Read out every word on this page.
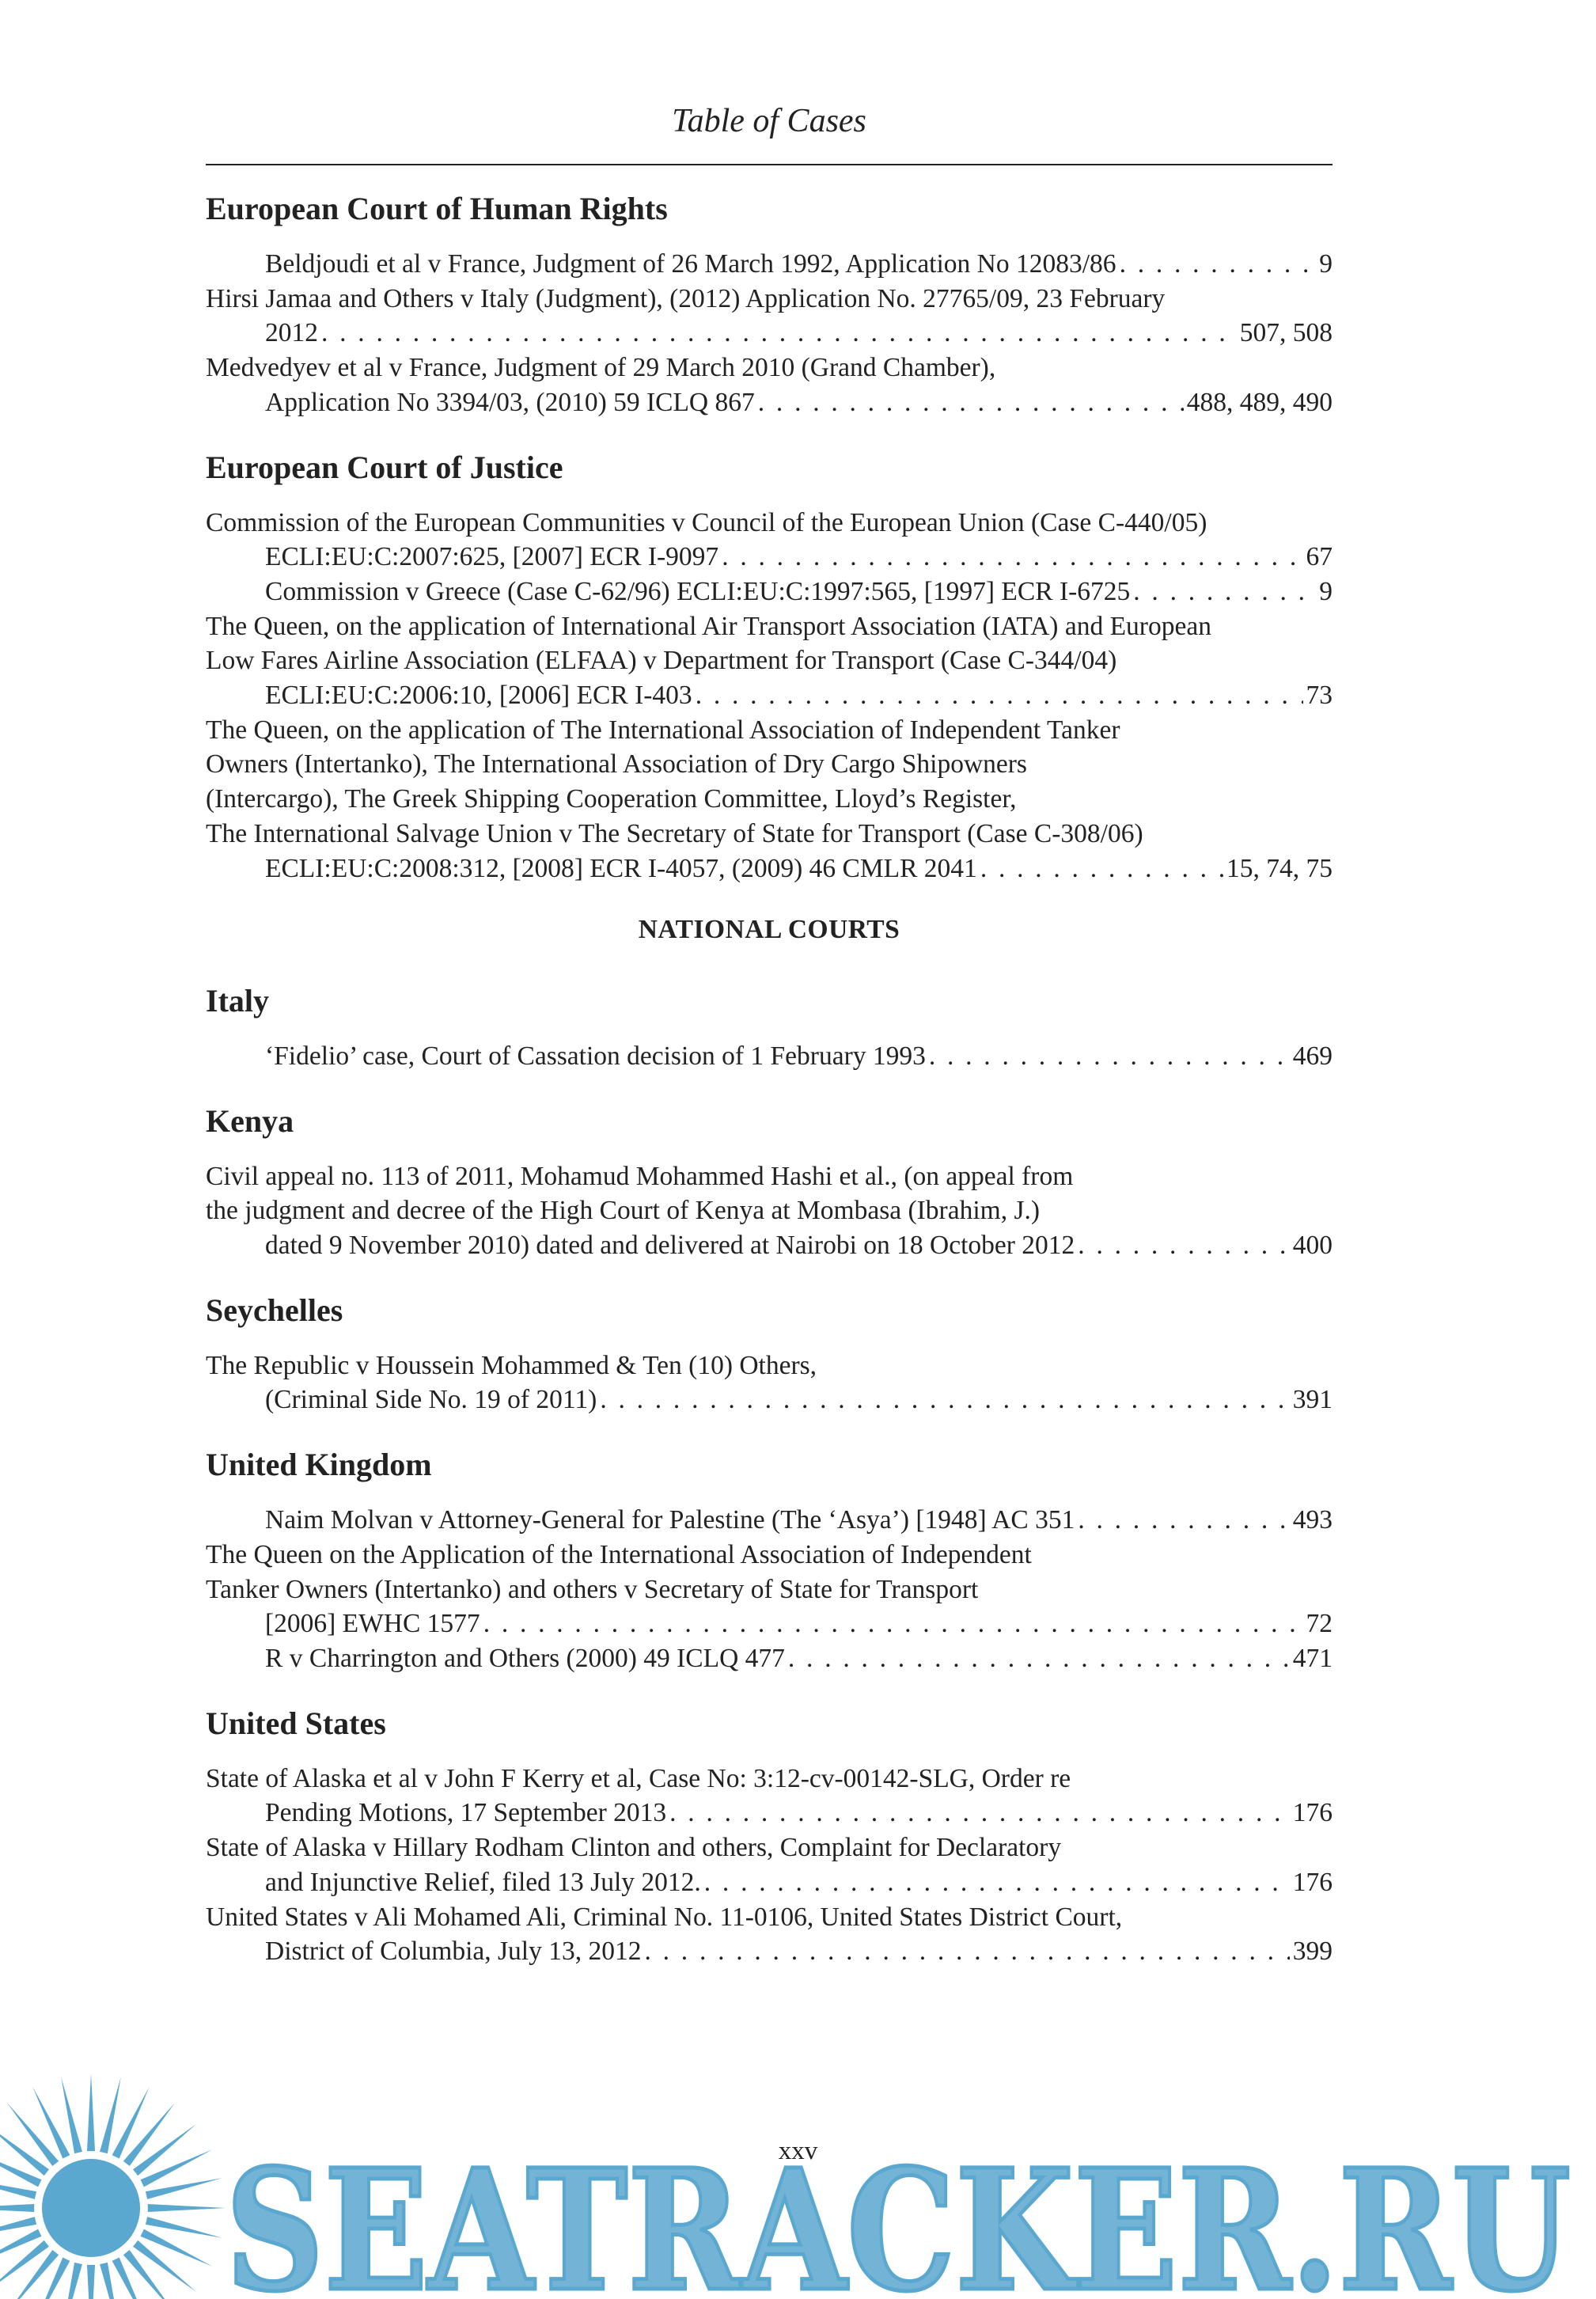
Table of Cases
European Court of Human Rights
Beldjoudi et al v France, Judgment of 26 March 1992, Application No 12083/86 . . .	9
Hirsi Jamaa and Others v Italy (Judgment), (2012) Application No. 27765/09, 23 February
2012 . . .	507, 508
Medvedyev et al v France, Judgment of 29 March 2010 (Grand Chamber),
Application No 3394/03, (2010) 59 ICLQ 867 . . .	488, 489, 490
European Court of Justice
Commission of the European Communities v Council of the European Union (Case C-440/05)
ECLI:EU:C:2007:625, [2007] ECR I-9097 . . .	67
Commission v Greece (Case C-62/96) ECLI:EU:C:1997:565, [1997] ECR I-6725 . . .	9
The Queen, on the application of International Air Transport Association (IATA) and European
Low Fares Airline Association (ELFAA) v Department for Transport (Case C-344/04)
ECLI:EU:C:2006:10, [2006] ECR I-403 . . .	73
The Queen, on the application of The International Association of Independent Tanker
Owners (Intertanko), The International Association of Dry Cargo Shipowners
(Intercargo), The Greek Shipping Cooperation Committee, Lloyd’s Register,
The International Salvage Union v The Secretary of State for Transport (Case C-308/06)
ECLI:EU:C:2008:312, [2008] ECR I-4057, (2009) 46 CMLR 2041 . . .	15, 74, 75
NATIONAL COURTS
Italy
‘Fidelio’ case, Court of Cassation decision of 1 February 1993 . . .	469
Kenya
Civil appeal no. 113 of 2011, Mohamud Mohammed Hashi et al., (on appeal from
the judgment and decree of the High Court of Kenya at Mombasa (Ibrahim, J.)
dated 9 November 2010) dated and delivered at Nairobi on 18 October 2012 . . .	400
Seychelles
The Republic v Houssein Mohammed & Ten (10) Others,
(Criminal Side No. 19 of 2011) . . .	391
United Kingdom
Naim Molvan v Attorney-General for Palestine (The ‘Asya’) [1948] AC 351 . . .	493
The Queen on the Application of the International Association of Independent
Tanker Owners (Intertanko) and others v Secretary of State for Transport
[2006] EWHC 1577 . . .	72
R v Charrington and Others (2000) 49 ICLQ 477 . . .	471
United States
State of Alaska et al v John F Kerry et al, Case No: 3:12-cv-00142-SLG, Order re
Pending Motions, 17 September 2013 . . .	176
State of Alaska v Hillary Rodham Clinton and others, Complaint for Declaratory
and Injunctive Relief, filed 13 July 2012. . . .	176
United States v Ali Mohamed Ali, Criminal No. 11-0106, United States District Court,
District of Columbia, July 13, 2012 . . .	399
xxv
SEATRACKER.RU
